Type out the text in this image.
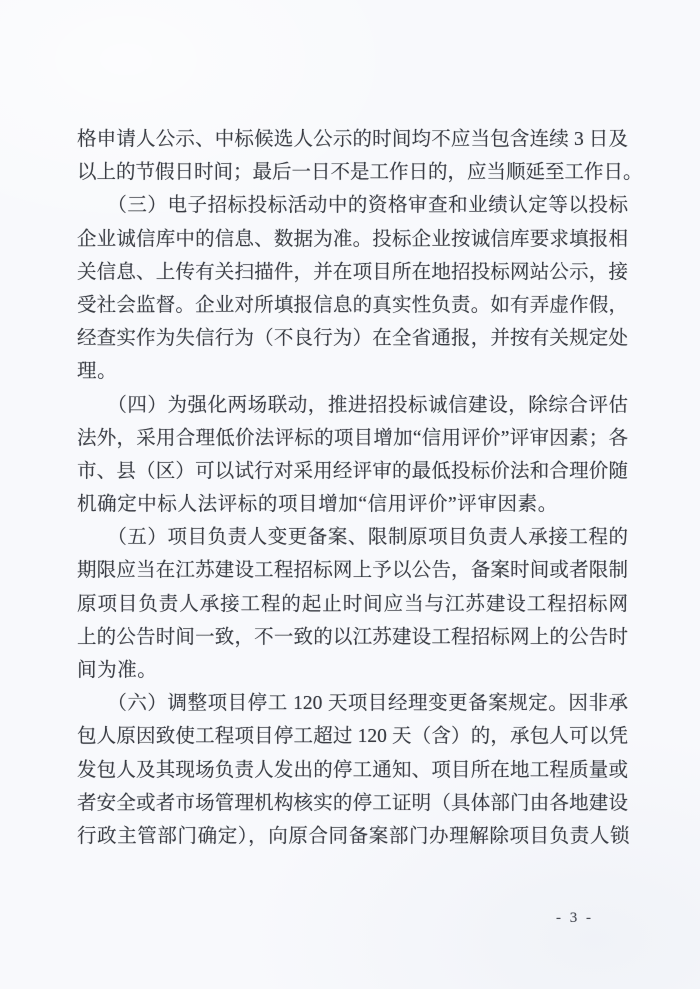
格申请人公示、中标候选人公示的时间均不应当包含连续 3 日及
以上的节假日时间；最后一日不是工作日的，应当顺延至工作日。
　　（三）电子招标投标活动中的资格审查和业绩认定等以投标
企业诚信库中的信息、数据为准。投标企业按诚信库要求填报相
关信息、上传有关扫描件，并在项目所在地招投标网站公示，接
受社会监督。企业对所填报信息的真实性负责。如有弄虚作假，
经查实作为失信行为（不良行为）在全省通报，并按有关规定处
理。
　　（四）为强化两场联动，推进招投标诚信建设，除综合评估
法外，采用合理低价法评标的项目增加“信用评价”评审因素；各
市、县（区）可以试行对采用经评审的最低投标价法和合理价随
机确定中标人法评标的项目增加“信用评价”评审因素。
　　（五）项目负责人变更备案、限制原项目负责人承接工程的
期限应当在江苏建设工程招标网上予以公告，备案时间或者限制
原项目负责人承接工程的起止时间应当与江苏建设工程招标网
上的公告时间一致，不一致的以江苏建设工程招标网上的公告时
间为准。
　　（六）调整项目停工 120 天项目经理变更备案规定。因非承
包人原因致使工程项目停工超过 120 天（含）的，承包人可以凭
发包人及其现场负责人发出的停工通知、项目所在地工程质量或
者安全或者市场管理机构核实的停工证明（具体部门由各地建设
行政主管部门确定），向原合同备案部门办理解除项目负责人锁
- 3 -
